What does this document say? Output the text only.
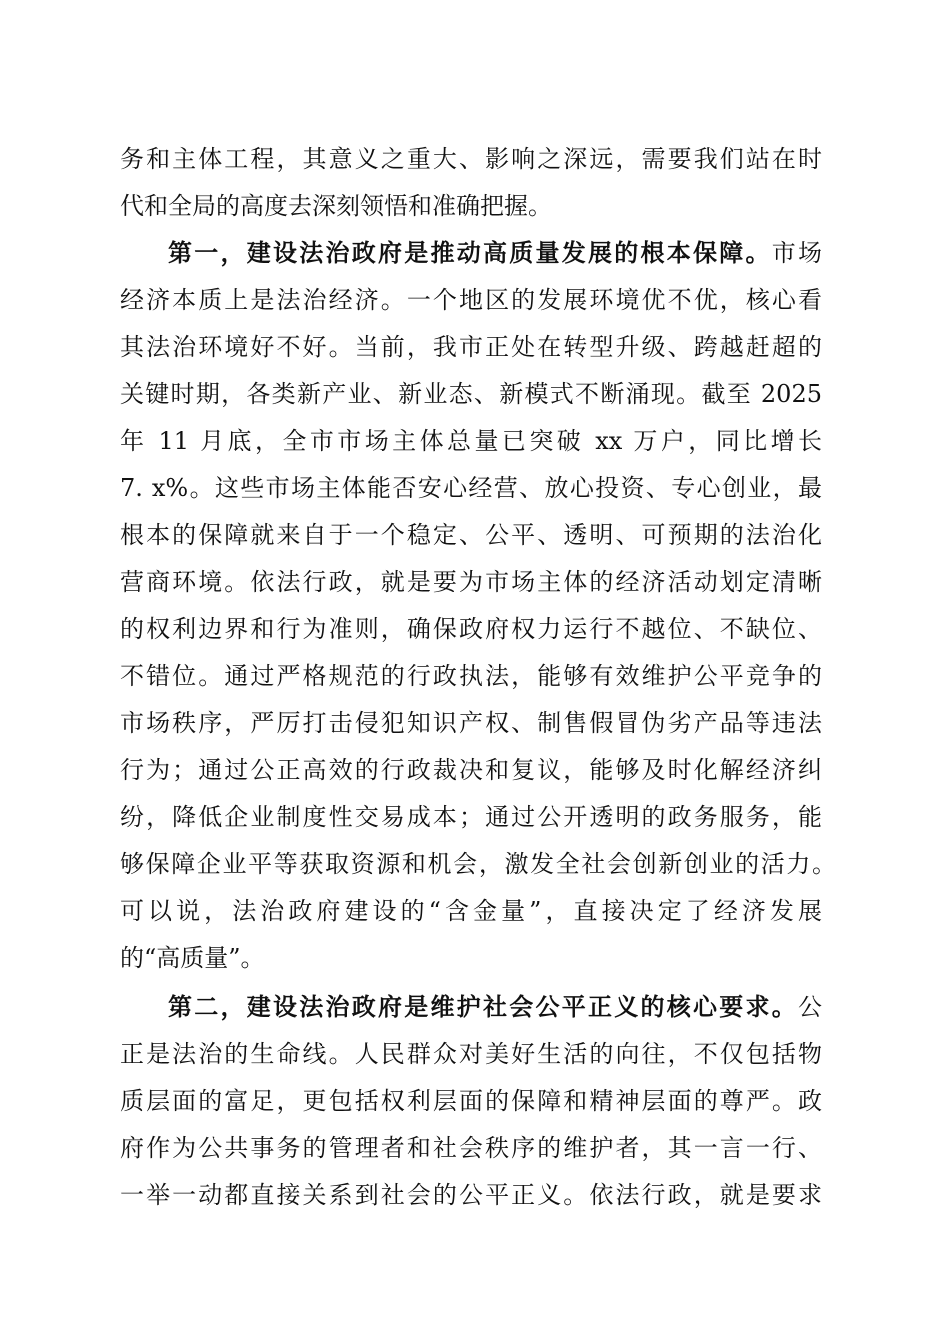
务和主体工程，其意义之重大、影响之深远，需要我们站在时
代和全局的高度去深刻领悟和准确把握。
第一，建设法治政府是推动高质量发展的根本保障。市场
经济本质上是法治经济。一个地区的发展环境优不优，核心看
其法治环境好不好。当前，我市正处在转型升级、跨越赶超的
关键时期，各类新产业、新业态、新模式不断涌现。截至 2025
年 11 月底，全市市场主体总量已突破 xx 万户，同比增长
7. x%。这些市场主体能否安心经营、放心投资、专心创业，最
根本的保障就来自于一个稳定、公平、透明、可预期的法治化
营商环境。依法行政，就是要为市场主体的经济活动划定清晰
的权利边界和行为准则，确保政府权力运行不越位、不缺位、
不错位。通过严格规范的行政执法，能够有效维护公平竞争的
市场秩序，严厉打击侵犯知识产权、制售假冒伪劣产品等违法
行为；通过公正高效的行政裁决和复议，能够及时化解经济纠
纷，降低企业制度性交易成本；通过公开透明的政务服务，能
够保障企业平等获取资源和机会，激发全社会创新创业的活力。
可以说，法治政府建设的“含金量”，直接决定了经济发展
的“高质量”。
第二，建设法治政府是维护社会公平正义的核心要求。公
正是法治的生命线。人民群众对美好生活的向往，不仅包括物
质层面的富足，更包括权利层面的保障和精神层面的尊严。政
府作为公共事务的管理者和社会秩序的维护者，其一言一行、
一举一动都直接关系到社会的公平正义。依法行政，就是要求
